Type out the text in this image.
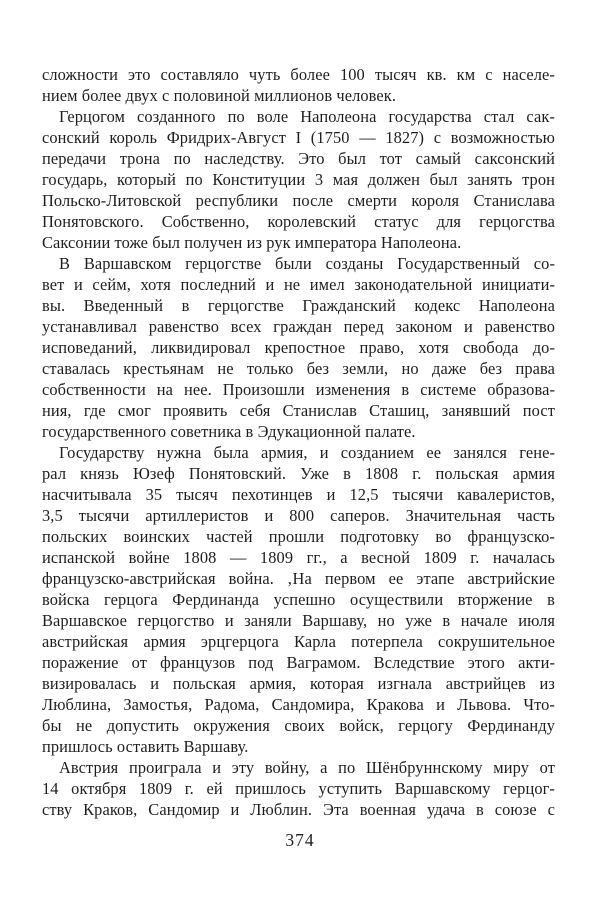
сложности это составляло чуть более 100 тысяч кв. км с населе-
нием более двух с половиной миллионов человек.
Герцогом созданного по воле Наполеона государства стал сак-
сонский король Фридрих-Август I (1750 — 1827) с возможностью
передачи трона по наследству. Это был тот самый саксонский
государь, который по Конституции 3 мая должен был занять трон
Польско-Литовской республики после смерти короля Станислава
Понятовского. Собственно, королевский статус для герцогства
Саксонии тоже был получен из рук императора Наполеона.
В Варшавском герцогстве были созданы Государственный со-
вет и сейм, хотя последний и не имел законодательной инициати-
вы. Введенный в герцогстве Гражданский кодекс Наполеона
устанавливал равенство всех граждан перед законом и равенство
исповеданий, ликвидировал крепостное право, хотя свобода до-
ставалась крестьянам не только без земли, но даже без права
собственности на нее. Произошли изменения в системе образова-
ния, где смог проявить себя Станислав Сташиц, занявший пост
государственного советника в Эдукационной палате.
Государству нужна была армия, и созданием ее занялся гене-
рал князь Юзеф Понятовский. Уже в 1808 г. польская армия
насчитывала 35 тысяч пехотинцев и 12,5 тысячи кавалеристов,
3,5 тысячи артиллеристов и 800 саперов. Значительная часть
польских воинских частей прошли подготовку во французско-
испанской войне 1808 — 1809 гг., а весной 1809 г. началась
французско-австрийская война. ‚На первом ее этапе австрийские
войска герцога Фердинанда успешно осуществили вторжение в
Варшавское герцогство и заняли Варшаву, но уже в начале июля
австрийская армия эрцгерцога Карла потерпела сокрушительное
поражение от французов под Ваграмом. Вследствие этого акти-
визировалась и польская армия, которая изгнала австрийцев из
Люблина, Замостья, Радома, Сандомира, Кракова и Львова. Что-
бы не допустить окружения своих войск, герцогу Фердинанду
пришлось оставить Варшаву.
Австрия проиграла и эту войну, а по Шёнбруннскому миру от
14 октября 1809 г. ей пришлось уступить Варшавскому герцог-
ству Краков, Сандомир и Люблин. Эта военная удача в союзе с
374
